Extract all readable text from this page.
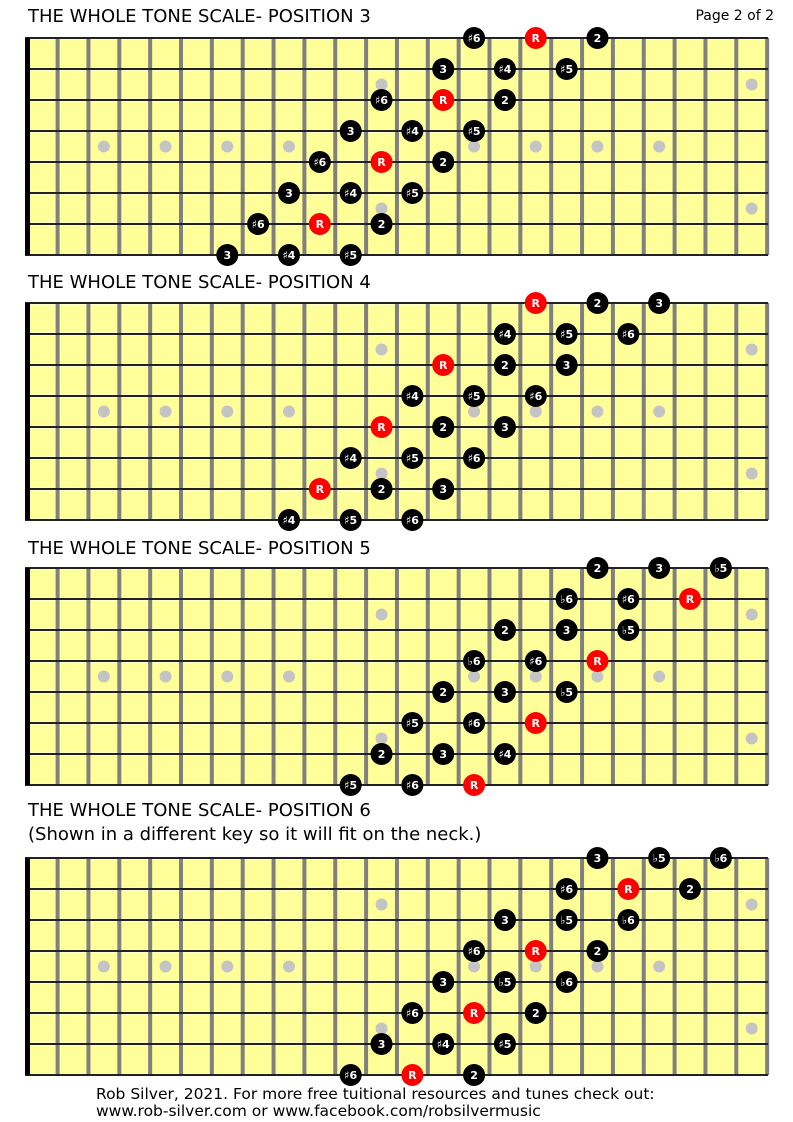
Page 2 of 2
THE WHOLE TONE SCALE- POSITION 3
♯6	R	2
3	♯4	♯5
♯6	R	2
3	♯4	♯5
♯6	R	2
3	♯4	♯5
♯6	R	2
3	♯4	♯5
THE WHOLE TONE SCALE- POSITION 4
R	2	3
♯4	♯5	♯6
R	2	3
♯4	♯5	♯6
R	2	3
♯4	♯5	♯6
R	2	3
♯4	♯5	♯6
THE WHOLE TONE SCALE- POSITION 5
2	3	♭5
♭6	♯6	R
2	3	♭5
♭6	♯6	R
2	3	♭5
♯5	♯6	R
2	3	♯4
♯5	♯6	R
THE WHOLE TONE SCALE- POSITION 6
(Shown in a different key so it will fit on the neck.)
3	♭5	♭6
♯6	R	2
3	♭5	♭6
♯6	R	2
3	♭5	♭6
♯6	R	2
3	♯4	♯5
♯6	R	2
Rob Silver, 2021. For more free tuitional resources and tunes check out:
www.rob-silver.com or www.facebook.com/robsilvermusic
